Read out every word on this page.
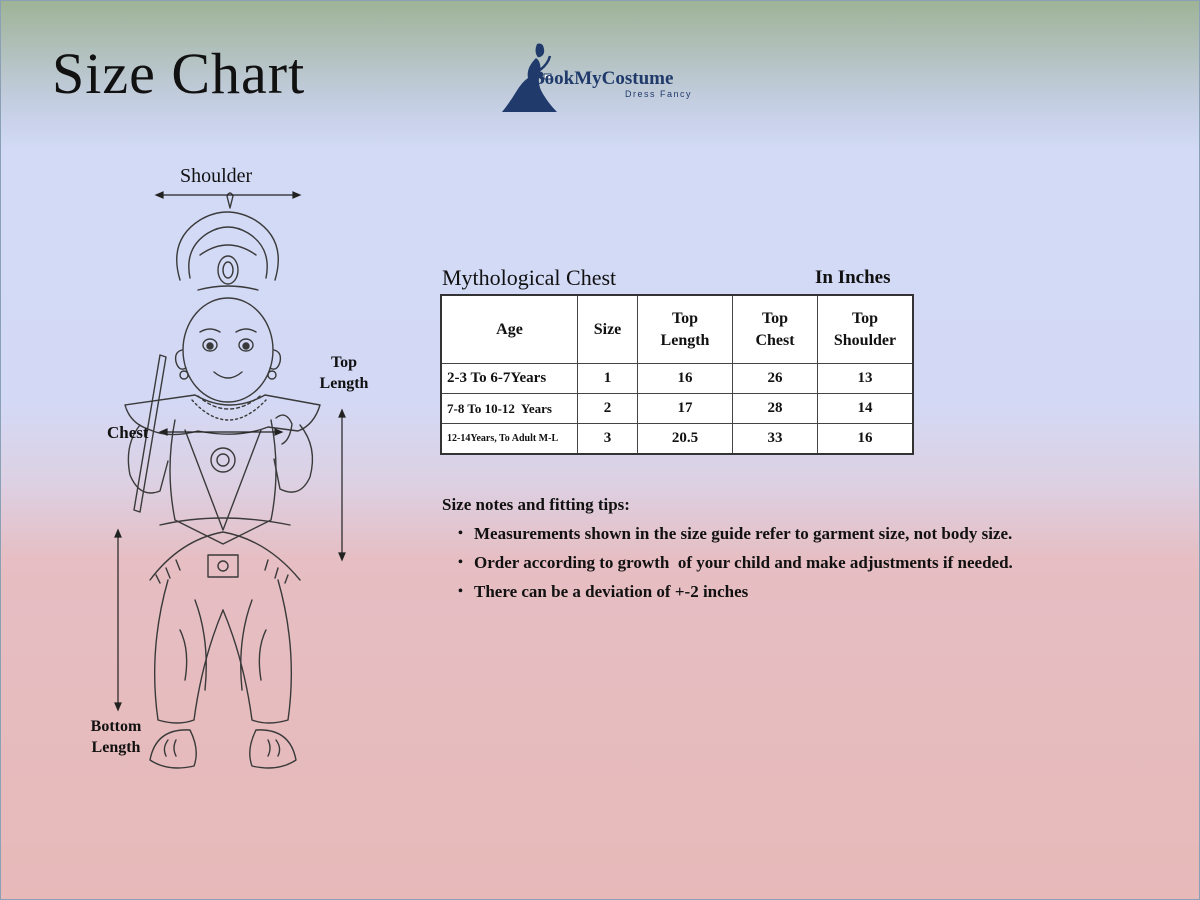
Size Chart	BookMyCostume
Dress Fancy
Shoulder
Top Length
Chest
Bottom Length
Mythological Chest	In Inches
Age	Size	Top Length	Top Chest	Top Shoulder
2-3 To 6-7Years	1	16	26	13
7-8 To 10-12  Years	2	17	28	14
12-14Years, To Adult M-L	3	20.5	33	16
Size notes and fitting tips:
• Measurements shown in the size guide refer to garment size, not body size.
• Order according to growth  of your child and make adjustments if needed.
• There can be a deviation of +-2 inches
